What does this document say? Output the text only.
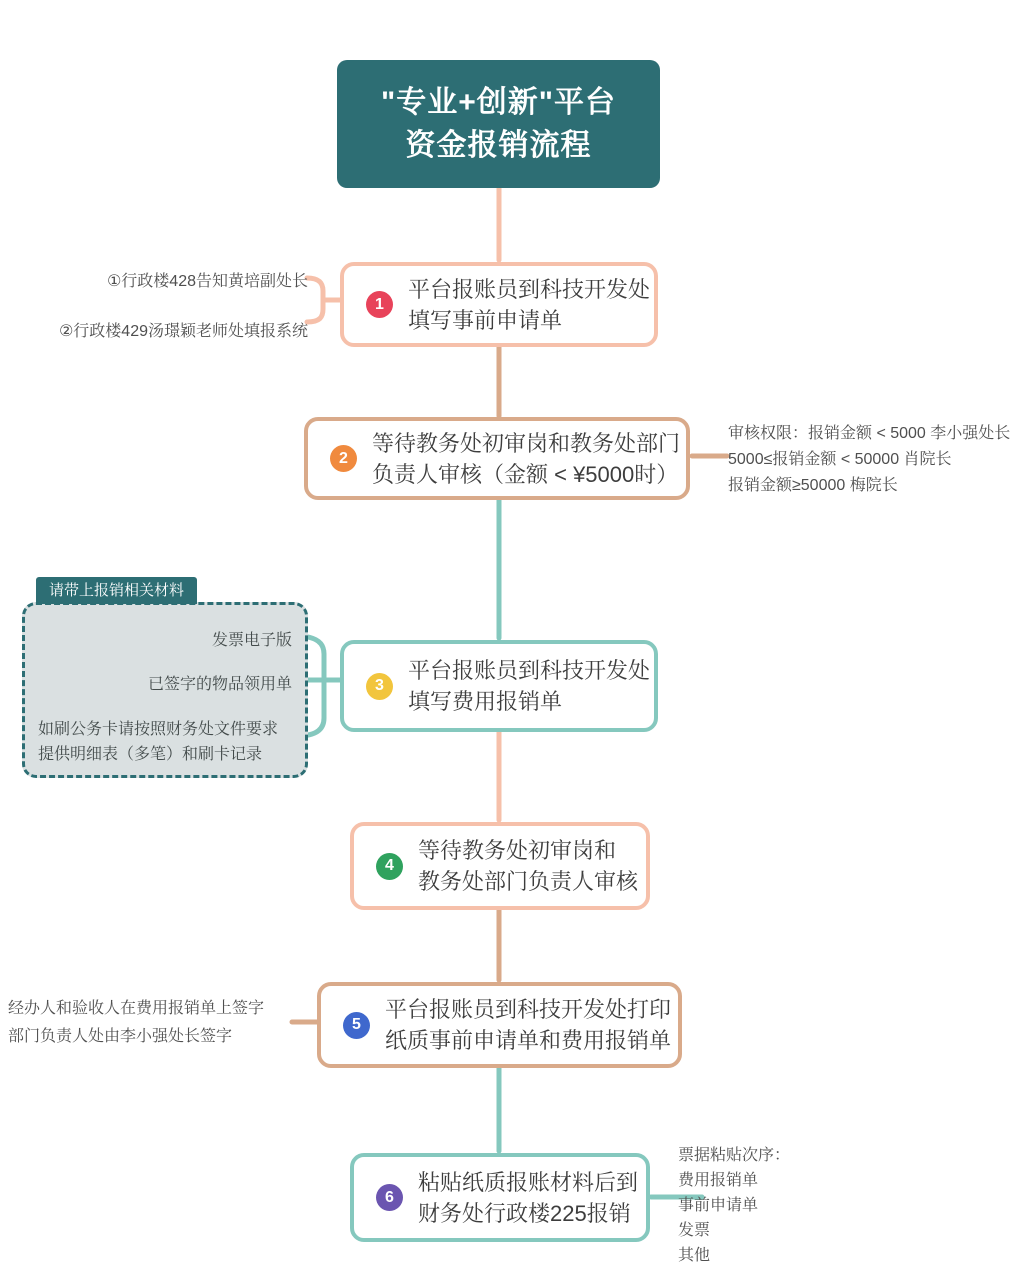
"专业+创新"平台
资金报销流程
1
平台报账员到科技开发处
填写事前申请单
①行政楼428告知黄培副处长
②行政楼429汤璟颖老师处填报系统
2
等待教务处初审岗和教务处部门
负责人审核（金额 < ¥5000时）
审核权限：报销金额 < 5000 李小强处长
5000≤报销金额 < 50000 肖院长
报销金额≥50000 梅院长
请带上报销相关材料
发票电子版
已签字的物品领用单
如刷公务卡请按照财务处文件要求
提供明细表（多笔）和刷卡记录
3
平台报账员到科技开发处
填写费用报销单
4
等待教务处初审岗和
教务处部门负责人审核
5
平台报账员到科技开发处打印
纸质事前申请单和费用报销单
经办人和验收人在费用报销单上签字
部门负责人处由李小强处长签字
6
粘贴纸质报账材料后到
财务处行政楼225报销
票据粘贴次序：
费用报销单
事前申请单
发票
其他
